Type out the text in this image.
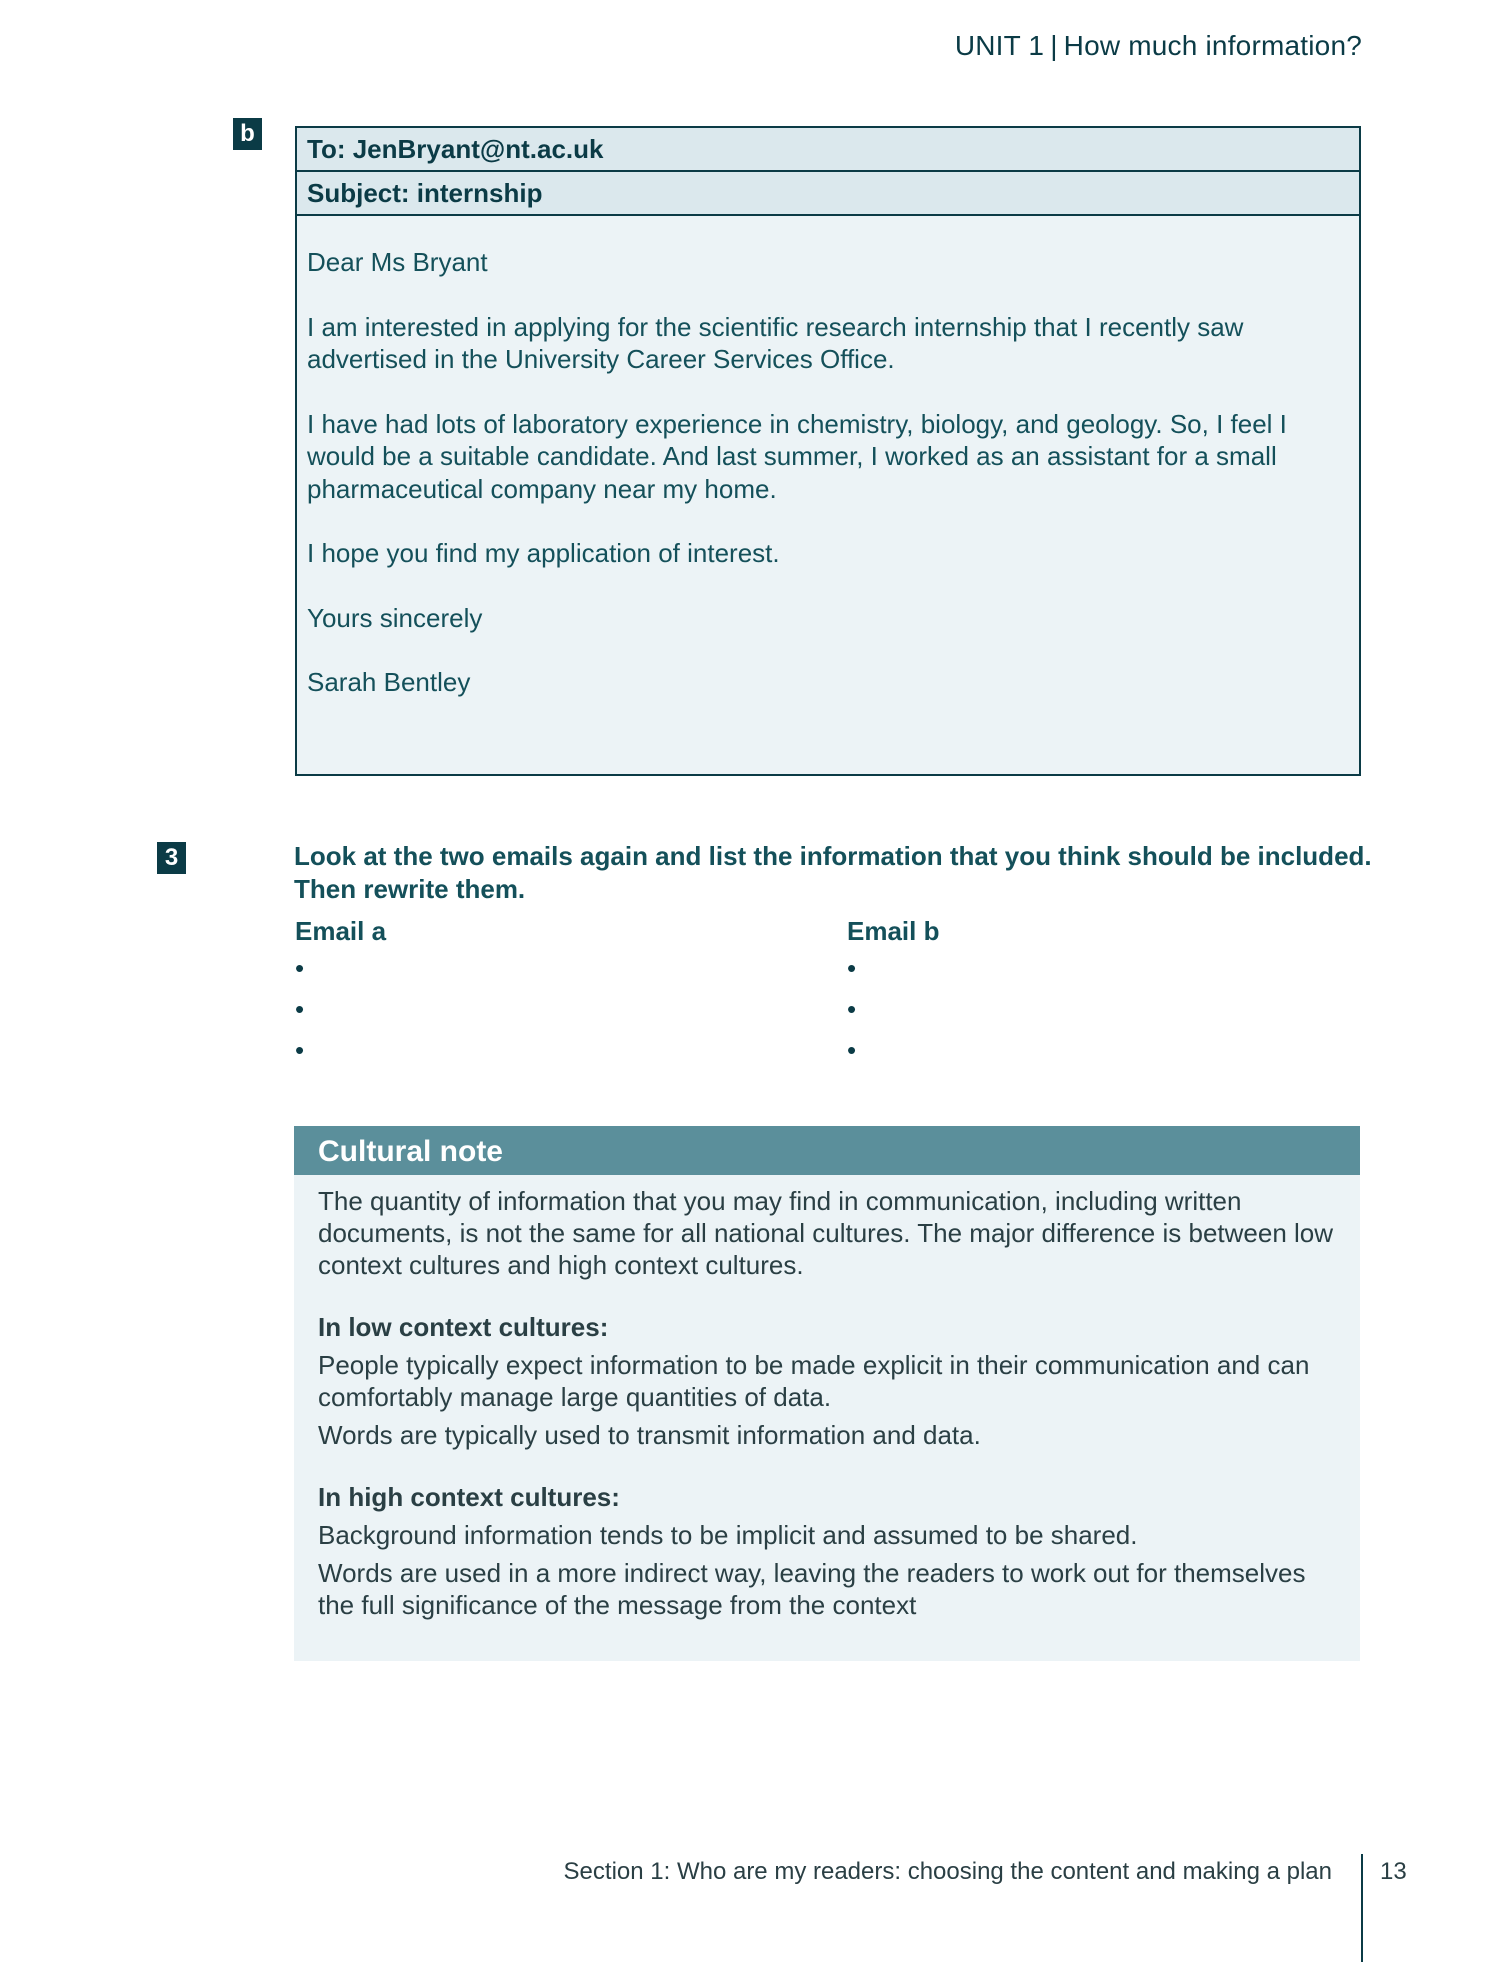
UNIT 1 | How much information?
b
To: JenBryant@nt.ac.uk
Subject: internship

Dear Ms Bryant

I am interested in applying for the scientific research internship that I recently saw advertised in the University Career Services Office.

I have had lots of laboratory experience in chemistry, biology, and geology. So, I feel I would be a suitable candidate. And last summer, I worked as an assistant for a small pharmaceutical company near my home.

I hope you find my application of interest.

Yours sincerely

Sarah Bentley

3	Look at the two emails again and list the information that you think should be included. Then rewrite them.
Email a
•
•
•
Email b
•
•
•
Cultural note

The quantity of information that you may find in communication, including written documents, is not the same for all national cultures. The major difference is between low context cultures and high context cultures.

In low context cultures:

People typically expect information to be made explicit in their communication and can comfortably manage large quantities of data.

Words are typically used to transmit information and data.

In high context cultures:

Background information tends to be implicit and assumed to be shared.

Words are used in a more indirect way, leaving the readers to work out for themselves the full significance of the message from the context

Section 1: Who are my readers: choosing the content and making a plan 13
